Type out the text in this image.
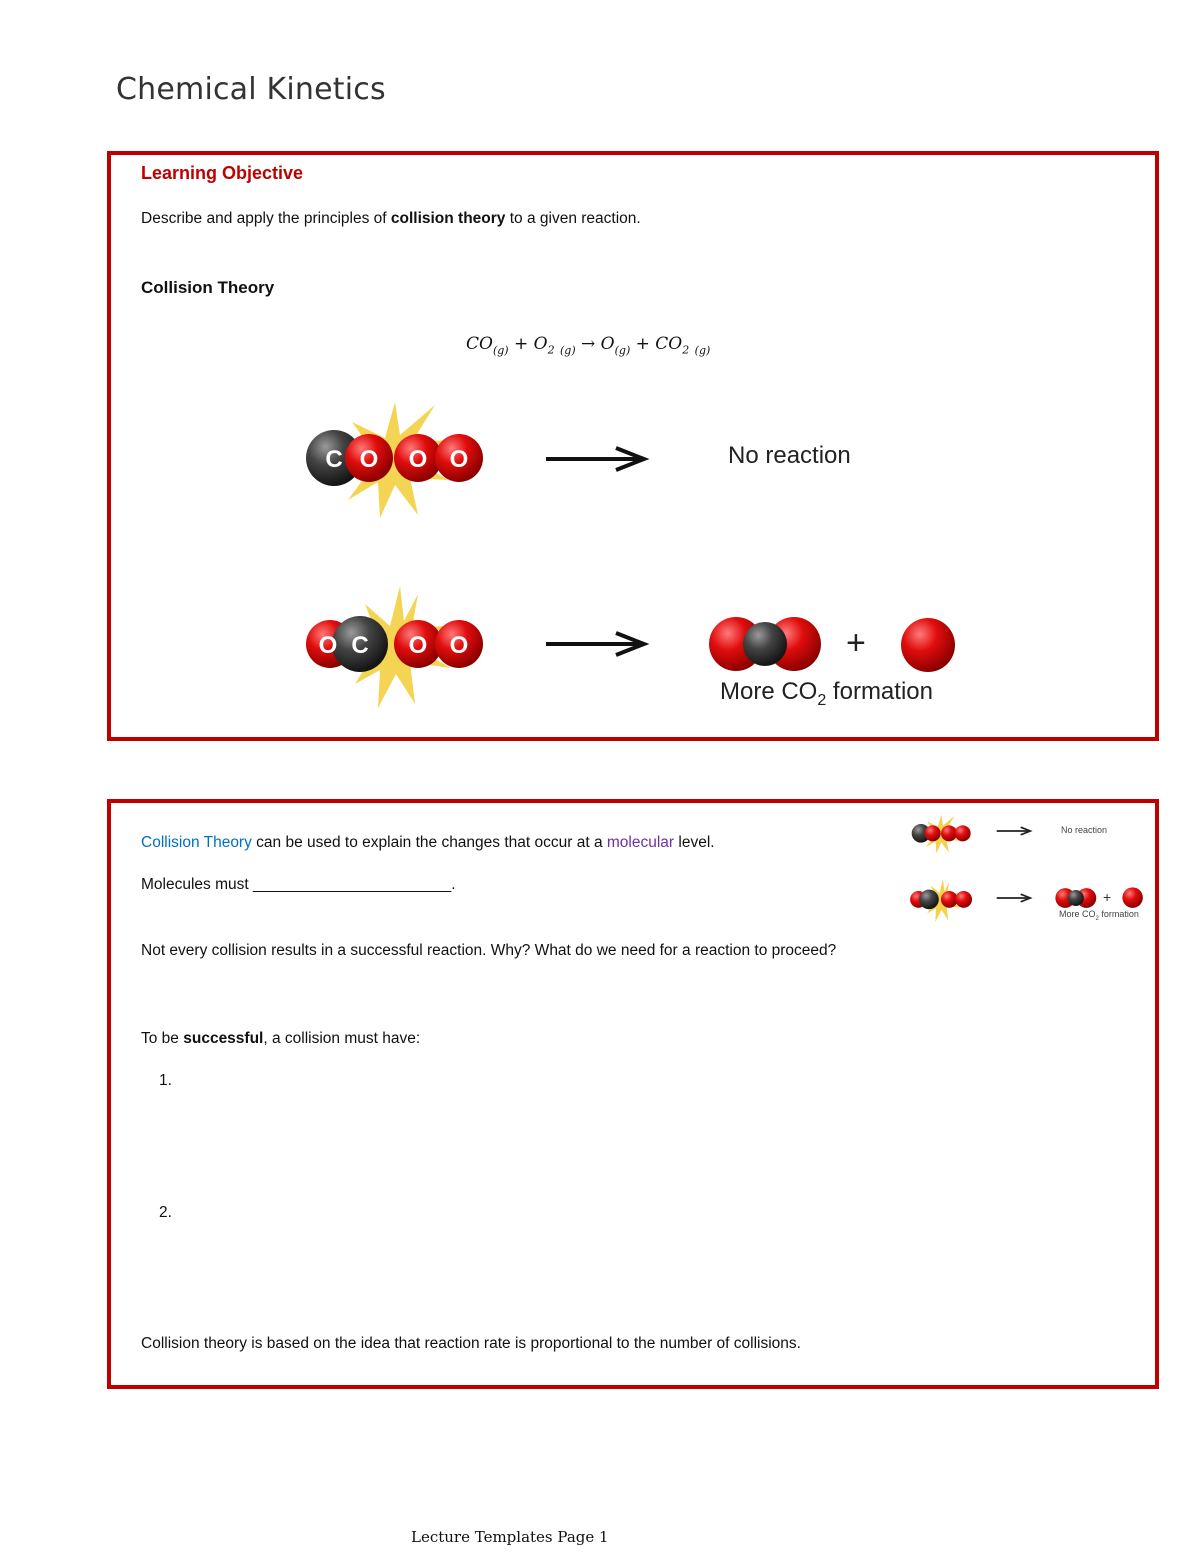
Chemical Kinetics
Learning Objective
Describe and apply the principles of collision theory to a given reaction.
Collision Theory
$CO_{(g)} + O_2$ $_{(g)} \to O_{(g)} + CO_2$ $_{(g)}$
C O O O	No reaction
O C O O	+
More $CO_2$ formation
Collision Theory can be used to explain the changes that occur at a molecular level.
Molecules must _______________________.
Not every collision results in a successful reaction. Why? What do we need for a reaction to proceed?
To be successful, a collision must have:
1.
2.
Collision theory is based on the idea that reaction rate is proportional to the number of collisions.
No reaction
+
More $CO_2$ formation
Lecture Templates Page 1
